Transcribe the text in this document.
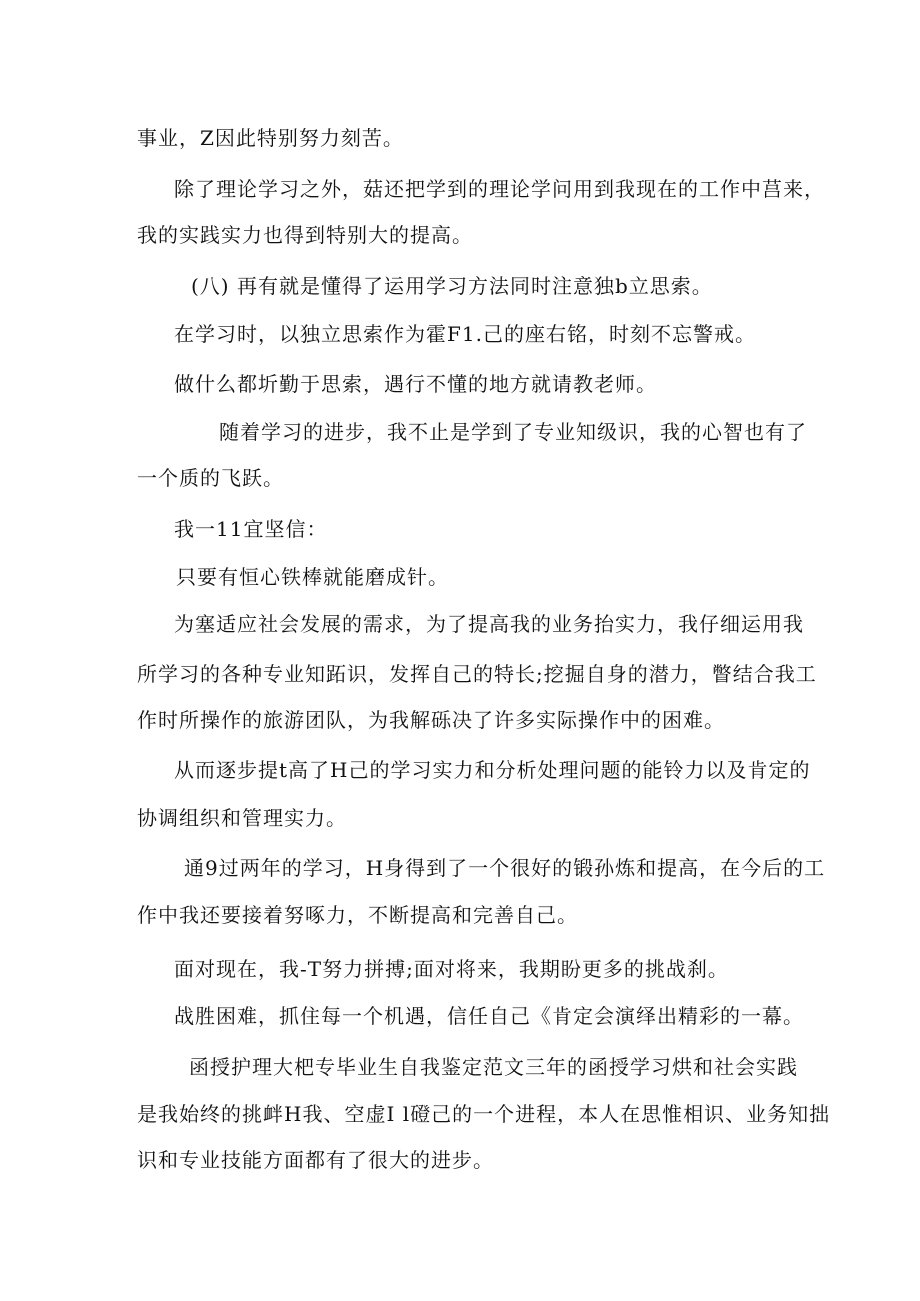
事业，Z因此特别努力刻苦。
除了理论学习之外，菇还把学到的理论学问用到我现在的工作中莒来，
我的实践实力也得到特别大的提高。
(八) 再有就是懂得了运用学习方法同时注意独b立思索。
在学习时，以独立思索作为霍F1.己的座右铭，时刻不忘警戒。
做什么都圻勤于思索，遇行不懂的地方就请教老师。
随着学习的进步，我不止是学到了专业知级识，我的心智也有了
一个质的飞跃。
我一11宜坚信：
只要有恒心铁棒就能磨成针。
为塞适应社会发展的需求，为了提高我的业务抬实力，我仔细运用我
所学习的各种专业知跖识，发挥自己的特长;挖掘自身的潜力，瞥结合我工
作时所操作的旅游团队，为我解砾决了许多实际操作中的困难。
从而逐步提t高了H己的学习实力和分析处理问题的能铃力以及肯定的
协调组织和管理实力。
通9过两年的学习，H身得到了一个很好的锻孙炼和提高，在今后的工
作中我还要接着努啄力，不断提高和完善自己。
面对现在，我-T努力拼搏;面对将来，我期盼更多的挑战刹。
战胜困难，抓住每一个机遇，信任自己《肯定会演绎出精彩的一幕。
函授护理大杷专毕业生自我鉴定范文三年的函授学习烘和社会实践
是我始终的挑衅H我、空虚I l磴己的一个进程，本人在思惟相识、业务知拙
识和专业技能方面都有了很大的进步。
